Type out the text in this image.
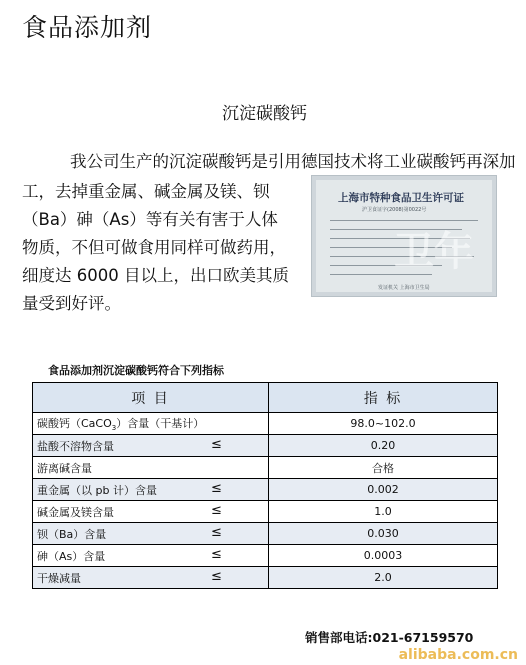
食品添加剂
沉淀碳酸钙
我公司生产的沉淀碳酸钙是引用德国技术将工业碳酸钙再深加
工，去掉重金属、碱金属及镁、钡
（Ba）砷（As）等有关有害于人体
物质，不但可做食用同样可做药用，
细度达 6000 目以上，出口欧美其质
量受到好评。
上海市特种食品卫生许可证
沪卫食证字(2008)第0022号
卫年
发证机关 上海市卫生局
食品添加剂沉淀碳酸钙符合下列指标
项 目	指 标
碳酸钙（CaCO$_3$）含量（干基计）	98.0~102.0
盐酸不溶物含量 ≤	0.20
游离碱含量	合格
重金属（以 pb 计）含量 ≤	0.002
碱金属及镁含量 ≤	1.0
钡（Ba）含量 ≤	0.030
砷（As）含量 ≤	0.0003
干燥减量 ≤	2.0
销售部电话:021-67159570
alibaba.com.cn
